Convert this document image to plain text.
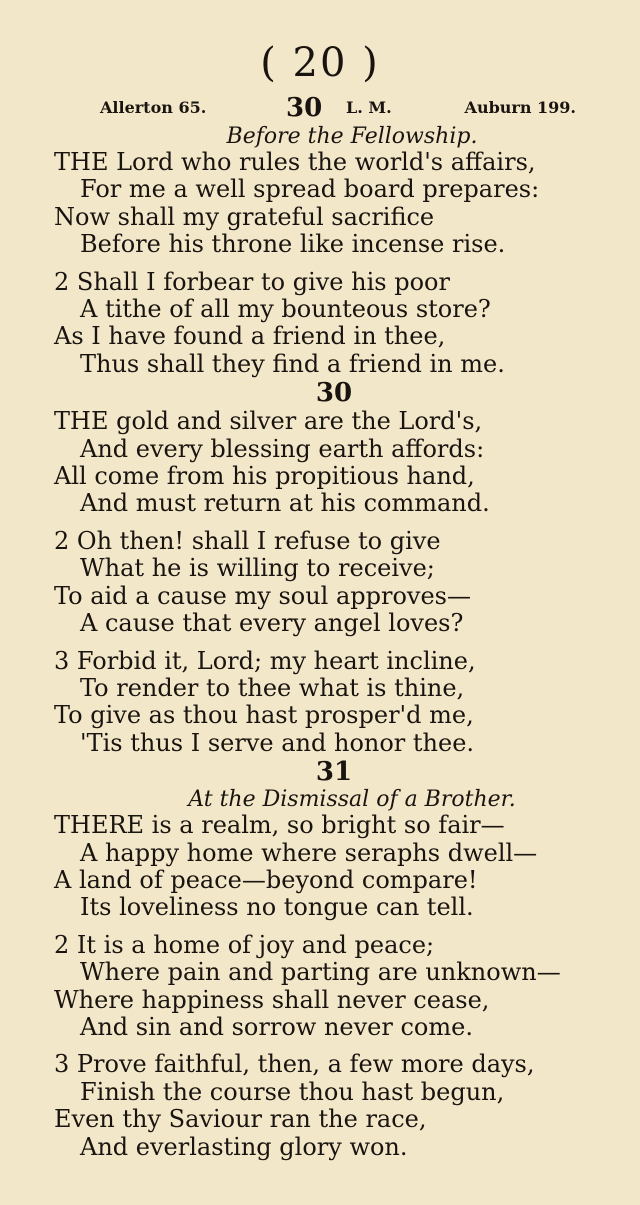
( 20 )
Allerton 65.	30 L. M.	Auburn 199.
Before the Fellowship.
THE Lord who rules the world's affairs,
For me a well spread board prepares:
Now shall my grateful sacrifice
Before his throne like incense rise.
2 Shall I forbear to give his poor
A tithe of all my bounteous store?
As I have found a friend in thee,
Thus shall they find a friend in me.
30
THE gold and silver are the Lord's,
And every blessing earth affords:
All come from his propitious hand,
And must return at his command.
2 Oh then! shall I refuse to give
What he is willing to receive;
To aid a cause my soul approves—
A cause that every angel loves?
3 Forbid it, Lord; my heart incline,
To render to thee what is thine,
To give as thou hast prosper'd me,
'Tis thus I serve and honor thee.
31
At the Dismissal of a Brother.
THERE is a realm, so bright so fair—
A happy home where seraphs dwell—
A land of peace—beyond compare!
Its loveliness no tongue can tell.
2 It is a home of joy and peace;
Where pain and parting are unknown—
Where happiness shall never cease,
And sin and sorrow never come.
3 Prove faithful, then, a few more days,
Finish the course thou hast begun,
Even thy Saviour ran the race,
And everlasting glory won.
